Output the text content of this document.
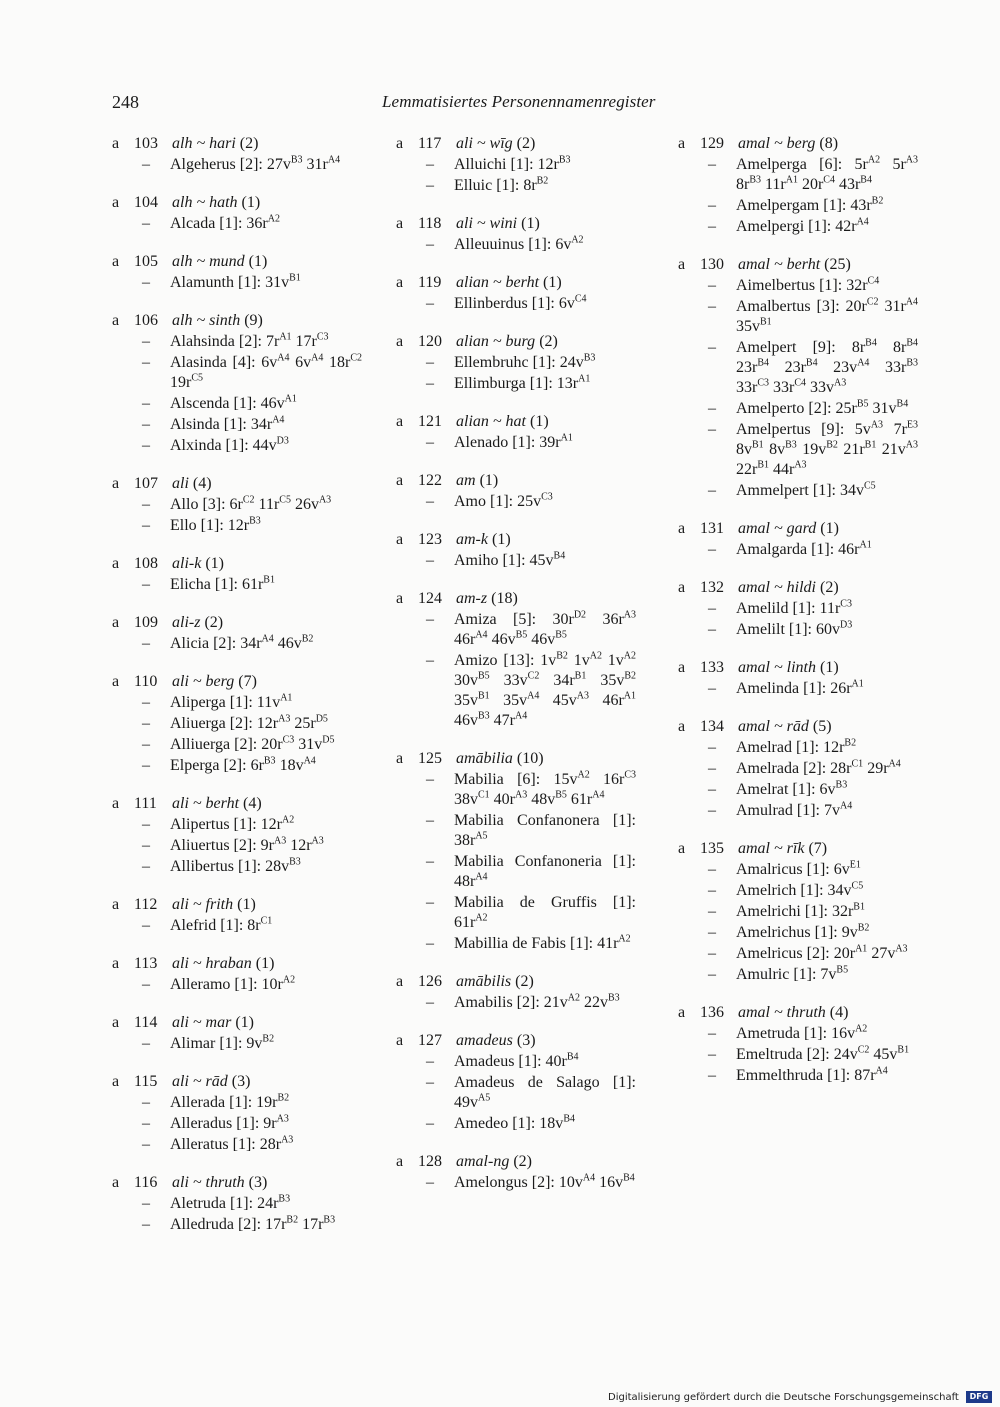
248	Lemmatisiertes Personennamenregister
a 103 alh ~ hari (2)
– Algeherus [2]: $27v^{B3}$ $31r^{A4}$
a 104 alh ~ hath (1)
– Alcada [1]: $36r^{A2}$
a 105 alh ~ mund (1)
– Alamunth [1]: $31v^{B1}$
a 106 alh ~ sinth (9)
– Alahsinda [2]: $7r^{A1}$ $17r^{C3}$
– Alasinda [4]: $6v^{A4}$ $6v^{A4}$ $18r^{C2}$ $19r^{C5}$
– Alscenda [1]: $46v^{A1}$
– Alsinda [1]: $34r^{A4}$
– Alxinda [1]: $44v^{D3}$
a 107 ali (4)
– Allo [3]: $6r^{C2}$ $11r^{C5}$ $26v^{A3}$
– Ello [1]: $12r^{B3}$
a 108 ali-k (1)
– Elicha [1]: $61r^{B1}$
a 109 ali-z (2)
– Alicia [2]: $34r^{A4}$ $46v^{B2}$
a 110 ali ~ berg (7)
– Aliperga [1]: $11v^{A1}$
– Aliuerga [2]: $12r^{A3}$ $25r^{D5}$
– Alliuerga [2]: $20r^{C3}$ $31v^{D5}$
– Elperga [2]: $6r^{B3}$ $18v^{A4}$
a 111 ali ~ berht (4)
– Alipertus [1]: $12r^{A2}$
– Aliuertus [2]: $9r^{A3}$ $12r^{A3}$
– Allibertus [1]: $28v^{B3}$
a 112 ali ~ frith (1)
– Alefrid [1]: $8r^{C1}$
a 113 ali ~ hraban (1)
– Alleramo [1]: $10r^{A2}$
a 114 ali ~ mar (1)
– Alimar [1]: $9v^{B2}$
a 115 ali ~ rād (3)
– Allerada [1]: $19r^{B2}$
– Alleradus [1]: $9r^{A3}$
– Alleratus [1]: $28r^{A3}$
a 116 ali ~ thruth (3)
– Aletruda [1]: $24r^{B3}$
– Alledruda [2]: $17r^{B2}$ $17r^{B3}$
a 117 ali ~ wīg (2)
– Alluichi [1]: $12r^{B3}$
– Elluic [1]: $8r^{B2}$
a 118 ali ~ wini (1)
– Alleuuinus [1]: $6v^{A2}$
a 119 alian ~ berht (1)
– Ellinberdus [1]: $6v^{C4}$
a 120 alian ~ burg (2)
– Ellembruhc [1]: $24v^{B3}$
– Ellimburga [1]: $13r^{A1}$
a 121 alian ~ hat (1)
– Alenado [1]: $39r^{A1}$
a 122 am (1)
– Amo [1]: $25v^{C3}$
a 123 am-k (1)
– Amiho [1]: $45v^{B4}$
a 124 am-z (18)
– Amiza [5]: $30r^{D2}$ $36r^{A3}$ $46r^{A4}$ $46v^{B5}$ $46v^{B5}$
– Amizo [13]: $1v^{B2}$ $1v^{A2}$ $1v^{A2}$ $30v^{B5}$ $33v^{C2}$ $34r^{B1}$ $35v^{B2}$ $35v^{B1}$ $35v^{A4}$ $45v^{A3}$ $46r^{A1}$ $46v^{B3}$ $47r^{A4}$
a 125 amābilia (10)
– Mabilia [6]: $15v^{A2}$ $16r^{C3}$ $38v^{C1}$ $40r^{A3}$ $48v^{B5}$ $61r^{A4}$
– Mabilia Confanonera [1]: $38r^{A5}$
– Mabilia Confanoneria [1]: $48r^{A4}$
– Mabilia de Gruffis [1]: $61r^{A2}$
– Mabillia de Fabis [1]: $41r^{A2}$
a 126 amābilis (2)
– Amabilis [2]: $21v^{A2}$ $22v^{B3}$
a 127 amadeus (3)
– Amadeus [1]: $40r^{B4}$
– Amadeus de Salago [1]: $49v^{A5}$
– Amedeo [1]: $18v^{B4}$
a 128 amal-ng (2)
– Amelongus [2]: $10v^{A4}$ $16v^{B4}$
a 129 amal ~ berg (8)
– Amelperga [6]: $5r^{A2}$ $5r^{A3}$ $8r^{B3}$ $11r^{A1}$ $20r^{C4}$ $43r^{B4}$
– Amelpergam [1]: $43r^{B2}$
– Amelpergi [1]: $42r^{A4}$
a 130 amal ~ berht (25)
– Aimelbertus [1]: $32r^{C4}$
– Amalbertus [3]: $20r^{C2}$ $31r^{A4}$ $35v^{B1}$
– Amelpert [9]: $8r^{B4}$ $8r^{B4}$ $23r^{B4}$ $23r^{B4}$ $23v^{A4}$ $33r^{B3}$ $33r^{C3}$ $33r^{C4}$ $33v^{A3}$
– Amelperto [2]: $25r^{B5}$ $31v^{B4}$
– Amelpertus [9]: $5v^{A3}$ $7r^{E3}$ $8v^{B1}$ $8v^{B3}$ $19v^{B2}$ $21r^{B1}$ $21v^{A3}$ $22r^{B1}$ $44r^{A3}$
– Ammelpert [1]: $34v^{C5}$
a 131 amal ~ gard (1)
– Amalgarda [1]: $46r^{A1}$
a 132 amal ~ hildi (2)
– Amelild [1]: $11r^{C3}$
– Amelilt [1]: $60v^{D3}$
a 133 amal ~ linth (1)
– Amelinda [1]: $26r^{A1}$
a 134 amal ~ rād (5)
– Amelrad [1]: $12r^{B2}$
– Amelrada [2]: $28r^{C1}$ $29r^{A4}$
– Amelrat [1]: $6v^{B3}$
– Amulrad [1]: $7v^{A4}$
a 135 amal ~ rīk (7)
– Amalricus [1]: $6v^{E1}$
– Amelrich [1]: $34v^{C5}$
– Amelrichi [1]: $32r^{B1}$
– Amelrichus [1]: $9v^{B2}$
– Amelricus [2]: $20r^{A1}$ $27v^{A3}$
– Amulric [1]: $7v^{B5}$
a 136 amal ~ thruth (4)
– Ametruda [1]: $16v^{A2}$
– Emeltruda [2]: $24v^{C2}$ $45v^{B1}$
– Emmelthruda [1]: $87r^{A4}$
Digitalisierung gefördert durch die Deutsche Forschungsgemeinschaft	DFG
